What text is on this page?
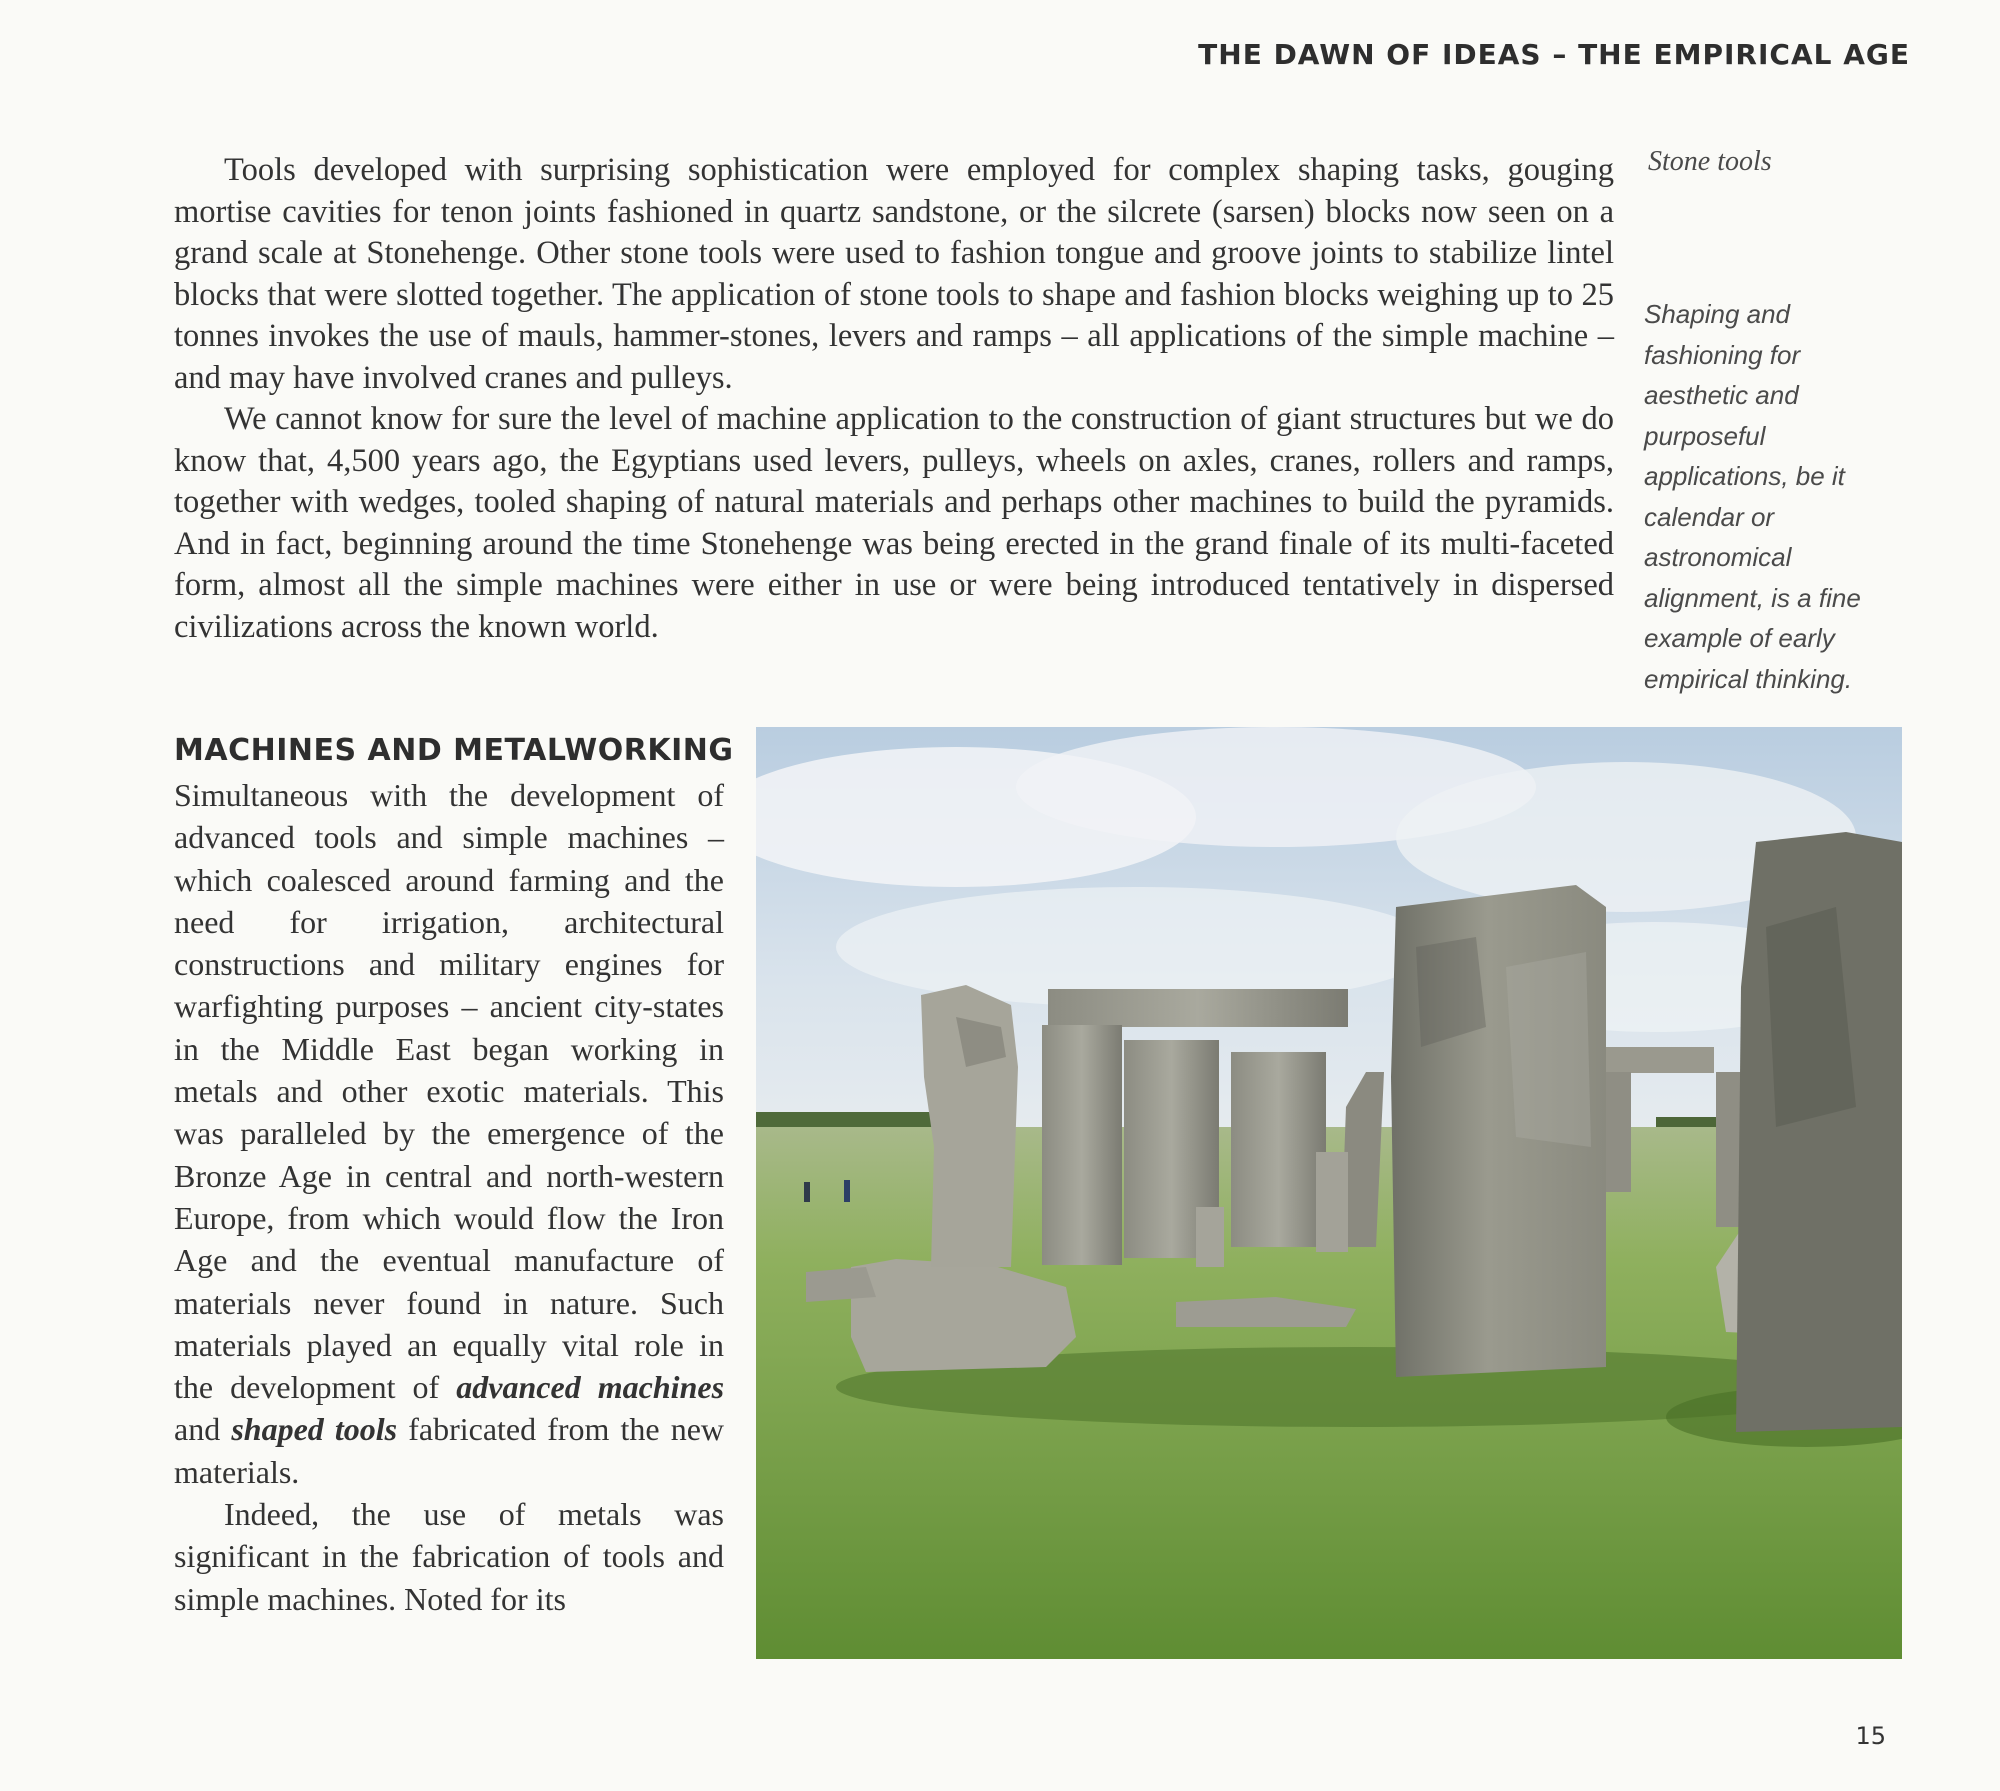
THE DAWN OF IDEAS – THE EMPIRICAL AGE

Tools developed with surprising sophistication were employed for complex shaping tasks, gouging mortise cavities for tenon joints fashioned in quartz sandstone, or the silcrete (sarsen) blocks now seen on a grand scale at Stonehenge. Other stone tools were used to fashion tongue and groove joints to stabilize lintel blocks that were slotted together. The application of stone tools to shape and fashion blocks weighing up to 25 tonnes invokes the use of mauls, hammer-stones, levers and ramps – all applications of the simple machine – and may have involved cranes and pulleys.

We cannot know for sure the level of machine application to the construction of giant structures but we do know that, 4,500 years ago, the Egyptians used levers, pulleys, wheels on axles, cranes, rollers and ramps, together with wedges, tooled shaping of natural materials and perhaps other machines to build the pyramids. And in fact, beginning around the time Stonehenge was being erected in the grand finale of its multi-faceted form, almost all the simple machines were either in use or were being introduced tentatively in dispersed civilizations across the known world.

Stone tools
Shaping and fashioning for aesthetic and purposeful applications, be it calendar or astronomical alignment, is a fine example of early empirical thinking.
MACHINES AND METALWORKING

Simultaneous with the development of advanced tools and simple machines – which coalesced around farming and the need for irrigation, architectural constructions and military engines for warfighting purposes – ancient city-states in the Middle East began working in metals and other exotic materials. This was paralleled by the emergence of the Bronze Age in central and north-western Europe, from which would flow the Iron Age and the eventual manufacture of materials never found in nature. Such materials played an equally vital role in the development of advanced machines and shaped tools fabricated from the new materials.

Indeed, the use of metals was significant in the fabrication of tools and simple machines. Noted for its

15
